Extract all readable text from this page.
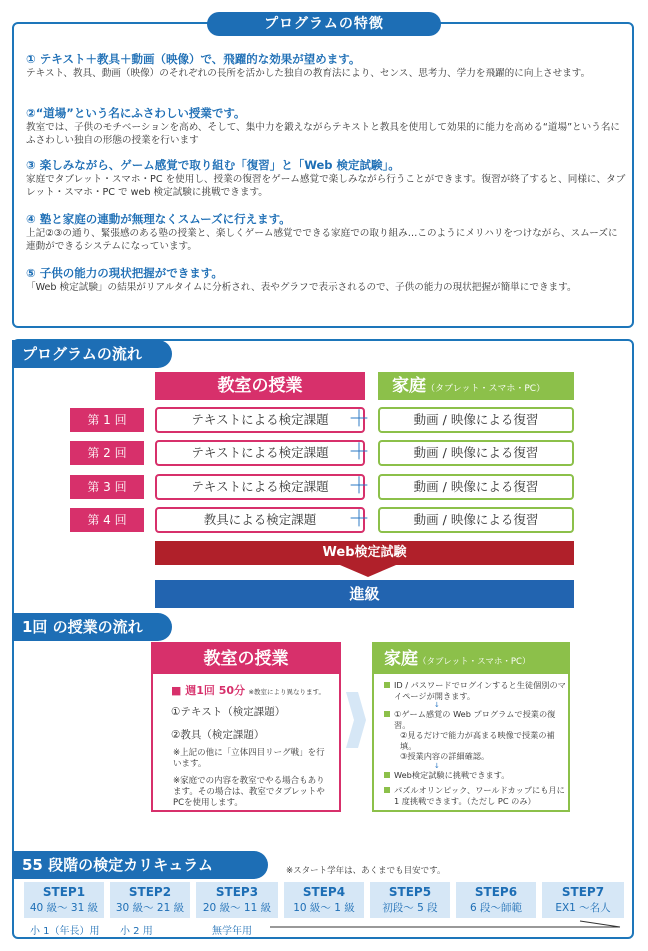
プログラムの特徴
① テキスト＋教具＋動画（映像）で、飛躍的な効果が望めます。
テキスト、教具、動画（映像）のそれぞれの長所を活かした独自の教育法により、センス、思考力、学力を飛躍的に向上させます。
②“道場”という名にふさわしい授業です。
教室では、子供のモチベーションを高め、そして、集中力を鍛えながらテキストと教具を使用して効果的に能力を高める“道場”という名にふさわしい独自の形態の授業を行います
③ 楽しみながら、ゲーム感覚で取り組む「復習」と「Web 検定試験」。
家庭でタブレット・スマホ・PC を使用し、授業の復習をゲーム感覚で楽しみながら行うことができます。復習が終了すると、同様に、タブレット・スマホ・PC で web 検定試験に挑戦できます。
④ 塾と家庭の連動が無理なくスムーズに行えます。
上記②③の通り、緊張感のある塾の授業と、楽しくゲーム感覚でできる家庭での取り組み…このようにメリハリをつけながら、スムーズに連動ができるシステムになっています。
⑤ 子供の能力の現状把握ができます。
「Web 検定試験」の結果がリアルタイムに分析され、表やグラフで表示されるので、子供の能力の現状把握が簡単にできます。
プログラムの流れ
教室の授業	家庭（タブレット・スマホ・PC）
第 1 回	テキストによる検定課題 ＋	動画 / 映像による復習
第 2 回	テキストによる検定課題 ＋	動画 / 映像による復習
第 3 回	テキストによる検定課題 ＋	動画 / 映像による復習
第 4 回	教具による検定課題	＋	動画 / 映像による復習
Web検定試験
進級
1回 の授業の流れ
教室の授業
■ 週1回 50分 ※教室により異なります。
①テキスト（検定課題）
②教具（検定課題）
※上記の他に「立体四目リーグ戦」を行います。
※家庭での内容を教室でやる場合もあります。その場合は、教室でタブレットやPCを使用します。
家庭（タブレット・スマホ・PC）
ID / パスワードでログインすると生徒個別のマイページが開きます。
↓
①ゲーム感覚の Web プログラムで授業の復習。
②見るだけで能力が高まる映像で授業の補填。
③授業内容の詳細確認。
↓
Web検定試験に挑戦できます。
パズルオリンピック、ワールドカップにも月に 1 度挑戦できます。（ただし PC のみ）
55 段階の検定カリキュラム	※スタート学年は、あくまでも目安です。
STEP1
40 級〜 31 級
STEP2
30 級〜 21 級
STEP3
20 級〜 11 級
STEP4
10 級〜 1 級
STEP5
初段〜 5 段
STEP6
6 段〜師範
STEP7
EX1 〜名人
小 1（年長）用 小 2 用	無学年用
